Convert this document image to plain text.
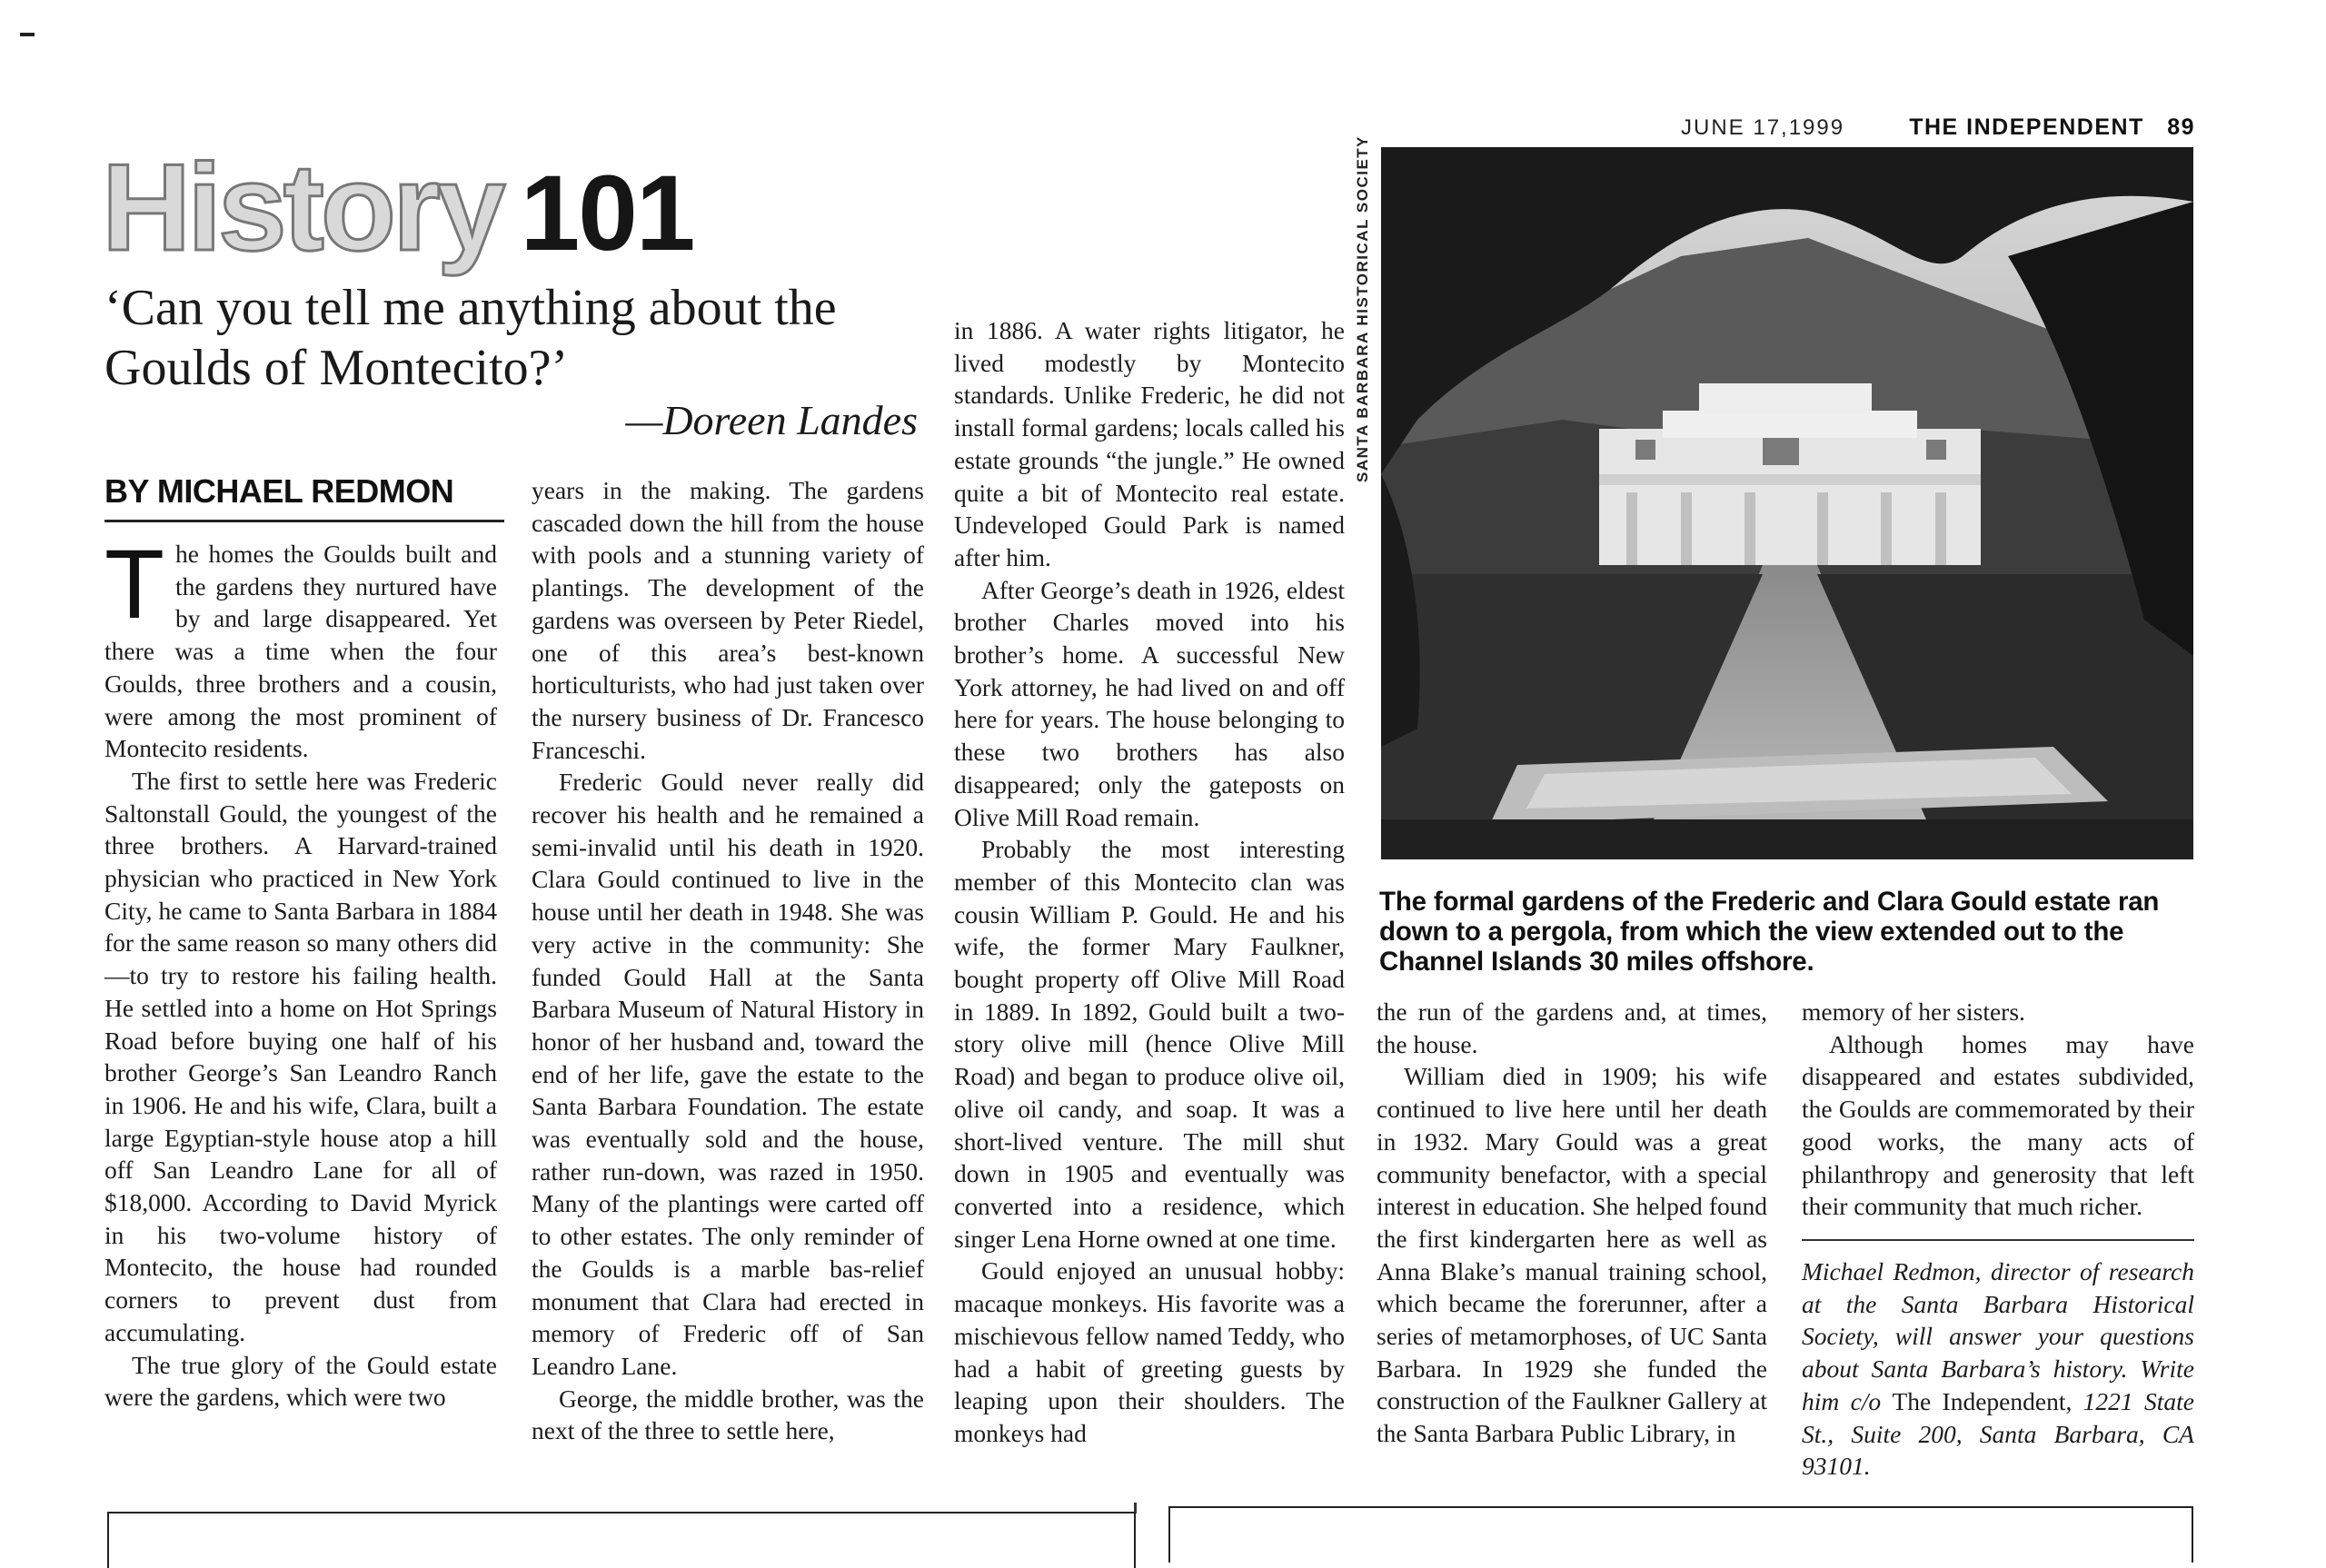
JUNE 17,1999	THE INDEPENDENT 89
History 101
‘Can you tell me anything about the Goulds of Montecito?’
—Doreen Landes
BY MICHAEL REDMON

The homes the Goulds built and the gardens they nurtured have by and large disappeared. Yet there was a time when the four Goulds, three brothers and a cousin, were among the most prominent of Montecito residents.

The first to settle here was Frederic Saltonstall Gould, the youngest of the three brothers. A Harvard-trained physician who practiced in New York City, he came to Santa Barbara in 1884 for the same reason so many others did—to try to restore his failing health. He settled into a home on Hot Springs Road before buying one half of his brother George’s San Leandro Ranch in 1906. He and his wife, Clara, built a large Egyptian-style house atop a hill off San Leandro Lane for all of $18,000. According to David Myrick in his two-volume history of Montecito, the house had rounded corners to prevent dust from accumulating.

The true glory of the Gould estate were the gardens, which were two

years in the making. The gardens cascaded down the hill from the house with pools and a stunning variety of plantings. The development of the gardens was overseen by Peter Riedel, one of this area’s best-known horticulturists, who had just taken over the nursery business of Dr. Francesco Franceschi.

Frederic Gould never really did recover his health and he remained a semi-invalid until his death in 1920. Clara Gould continued to live in the house until her death in 1948. She was very active in the community: She funded Gould Hall at the Santa Barbara Museum of Natural History in honor of her husband and, toward the end of her life, gave the estate to the Santa Barbara Foundation. The estate was eventually sold and the house, rather run-down, was razed in 1950. Many of the plantings were carted off to other estates. The only reminder of the Goulds is a marble bas-relief monument that Clara had erected in memory of Frederic off of San Leandro Lane.

George, the middle brother, was the next of the three to settle here,

in 1886. A water rights litigator, he lived modestly by Montecito standards. Unlike Frederic, he did not install formal gardens; locals called his estate grounds “the jungle.” He owned quite a bit of Montecito real estate. Undeveloped Gould Park is named after him.

After George’s death in 1926, eldest brother Charles moved into his brother’s home. A successful New York attorney, he had lived on and off here for years. The house belonging to these two brothers has also disappeared; only the gateposts on Olive Mill Road remain.

Probably the most interesting member of this Montecito clan was cousin William P. Gould. He and his wife, the former Mary Faulkner, bought property off Olive Mill Road in 1889. In 1892, Gould built a two-story olive mill (hence Olive Mill Road) and began to produce olive oil, olive oil candy, and soap. It was a short-lived venture. The mill shut down in 1905 and eventually was converted into a residence, which singer Lena Horne owned at one time.

Gould enjoyed an unusual hobby: macaque monkeys. His favorite was a mischievous fellow named Teddy, who had a habit of greeting guests by leaping upon their shoulders. The monkeys had

SANTA BARBARA HISTORICAL SOCIETY
The formal gardens of the Frederic and Clara Gould estate ran down to a pergola, from which the view extended out to the Channel Islands 30 miles offshore.

the run of the gardens and, at times, the house.

William died in 1909; his wife continued to live here until her death in 1932. Mary Gould was a great community benefactor, with a special interest in education. She helped found the first kindergarten here as well as Anna Blake’s manual training school, which became the forerunner, after a series of metamorphoses, of UC Santa Barbara. In 1929 she funded the construction of the Faulkner Gallery at the Santa Barbara Public Library, in

memory of her sisters.

Although homes may have disappeared and estates subdivided, the Goulds are commemorated by their good works, the many acts of philanthropy and generosity that left their community that much richer.

Michael Redmon, director of research at the Santa Barbara Historical Society, will answer your questions about Santa Barbara’s history. Write him c/o The Independent, 1221 State St., Suite 200, Santa Barbara, CA 93101.
